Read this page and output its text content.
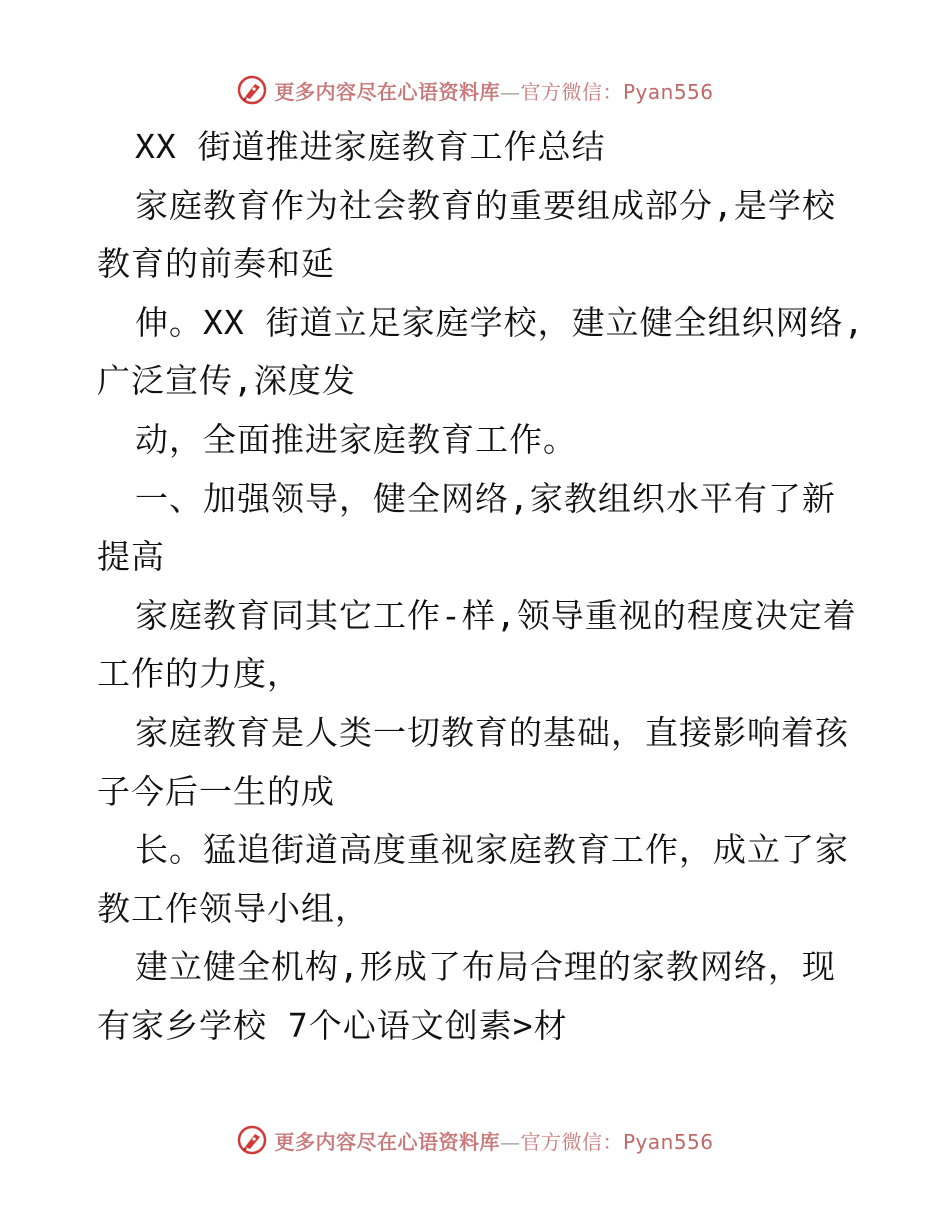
更多内容尽在心语资料库—官方微信：Pyan556
XX 街道推进家庭教育工作总结
家庭教育作为社会教育的重要组成部分,是学校
教育的前奏和延
伸。XX 街道立足家庭学校，建立健全组织网络,
广泛宣传,深度发
动，全面推进家庭教育工作。
一、加强领导，健全网络,家教组织水平有了新
提高
家庭教育同其它工作-样,领导重视的程度决定着
工作的力度，
家庭教育是人类一切教育的基础，直接影响着孩
子今后一生的成
长。猛追街道高度重视家庭教育工作，成立了家
教工作领导小组，
建立健全机构,形成了布局合理的家教网络，现
有家乡学校 7个心语文创素>材
更多内容尽在心语资料库—官方微信：Pyan556
